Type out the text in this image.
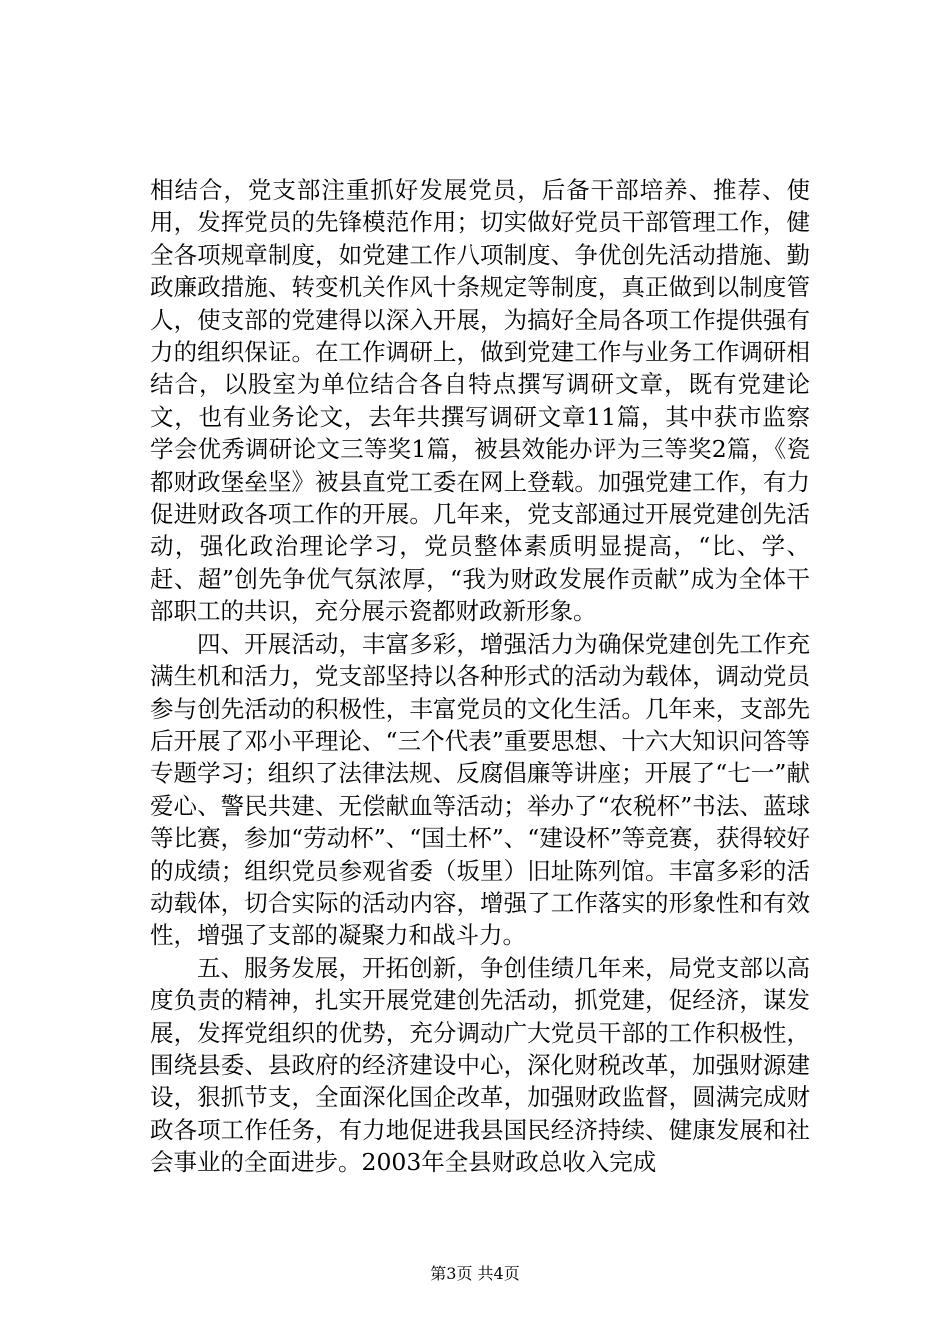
相结合，党支部注重抓好发展党员，后备干部培养、推荐、使用，发挥党员的先锋模范作用；切实做好党员干部管理工作，健全各项规章制度，如党建工作八项制度、争优创先活动措施、勤政廉政措施、转变机关作风十条规定等制度，真正做到以制度管人，使支部的党建得以深入开展，为搞好全局各项工作提供强有力的组织保证。在工作调研上，做到党建工作与业务工作调研相结合，以股室为单位结合各自特点撰写调研文章，既有党建论文，也有业务论文，去年共撰写调研文章11篇，其中获市监察学会优秀调研论文三等奖1篇，被县效能办评为三等奖2篇，《瓷都财政堡垒坚》被县直党工委在网上登载。加强党建工作，有力促进财政各项工作的开展。几年来，党支部通过开展党建创先活动，强化政治理论学习，党员整体素质明显提高，“比、学、赶、超”创先争优气氛浓厚，“我为财政发展作贡献”成为全体干部职工的共识，充分展示瓷都财政新形象。

四、开展活动，丰富多彩，增强活力为确保党建创先工作充满生机和活力，党支部坚持以各种形式的活动为载体，调动党员参与创先活动的积极性，丰富党员的文化生活。几年来，支部先后开展了邓小平理论、“三个代表”重要思想、十六大知识问答等专题学习；组织了法律法规、反腐倡廉等讲座；开展了“七一”献爱心、警民共建、无偿献血等活动；举办了“农税杯”书法、蓝球等比赛，参加“劳动杯”、“国土杯”、“建设杯”等竞赛，获得较好的成绩；组织党员参观省委（坂里）旧址陈列馆。丰富多彩的活动载体，切合实际的活动内容，增强了工作落实的形象性和有效性，增强了支部的凝聚力和战斗力。

五、服务发展，开拓创新，争创佳绩几年来，局党支部以高度负责的精神，扎实开展党建创先活动，抓党建，促经济，谋发展，发挥党组织的优势，充分调动广大党员干部的工作积极性，围绕县委、县政府的经济建设中心，深化财税改革，加强财源建设，狠抓节支，全面深化国企改革，加强财政监督，圆满完成财政各项工作任务，有力地促进我县国民经济持续、健康发展和社会事业的全面进步。2003年全县财政总收入完成

第3页 共4页
